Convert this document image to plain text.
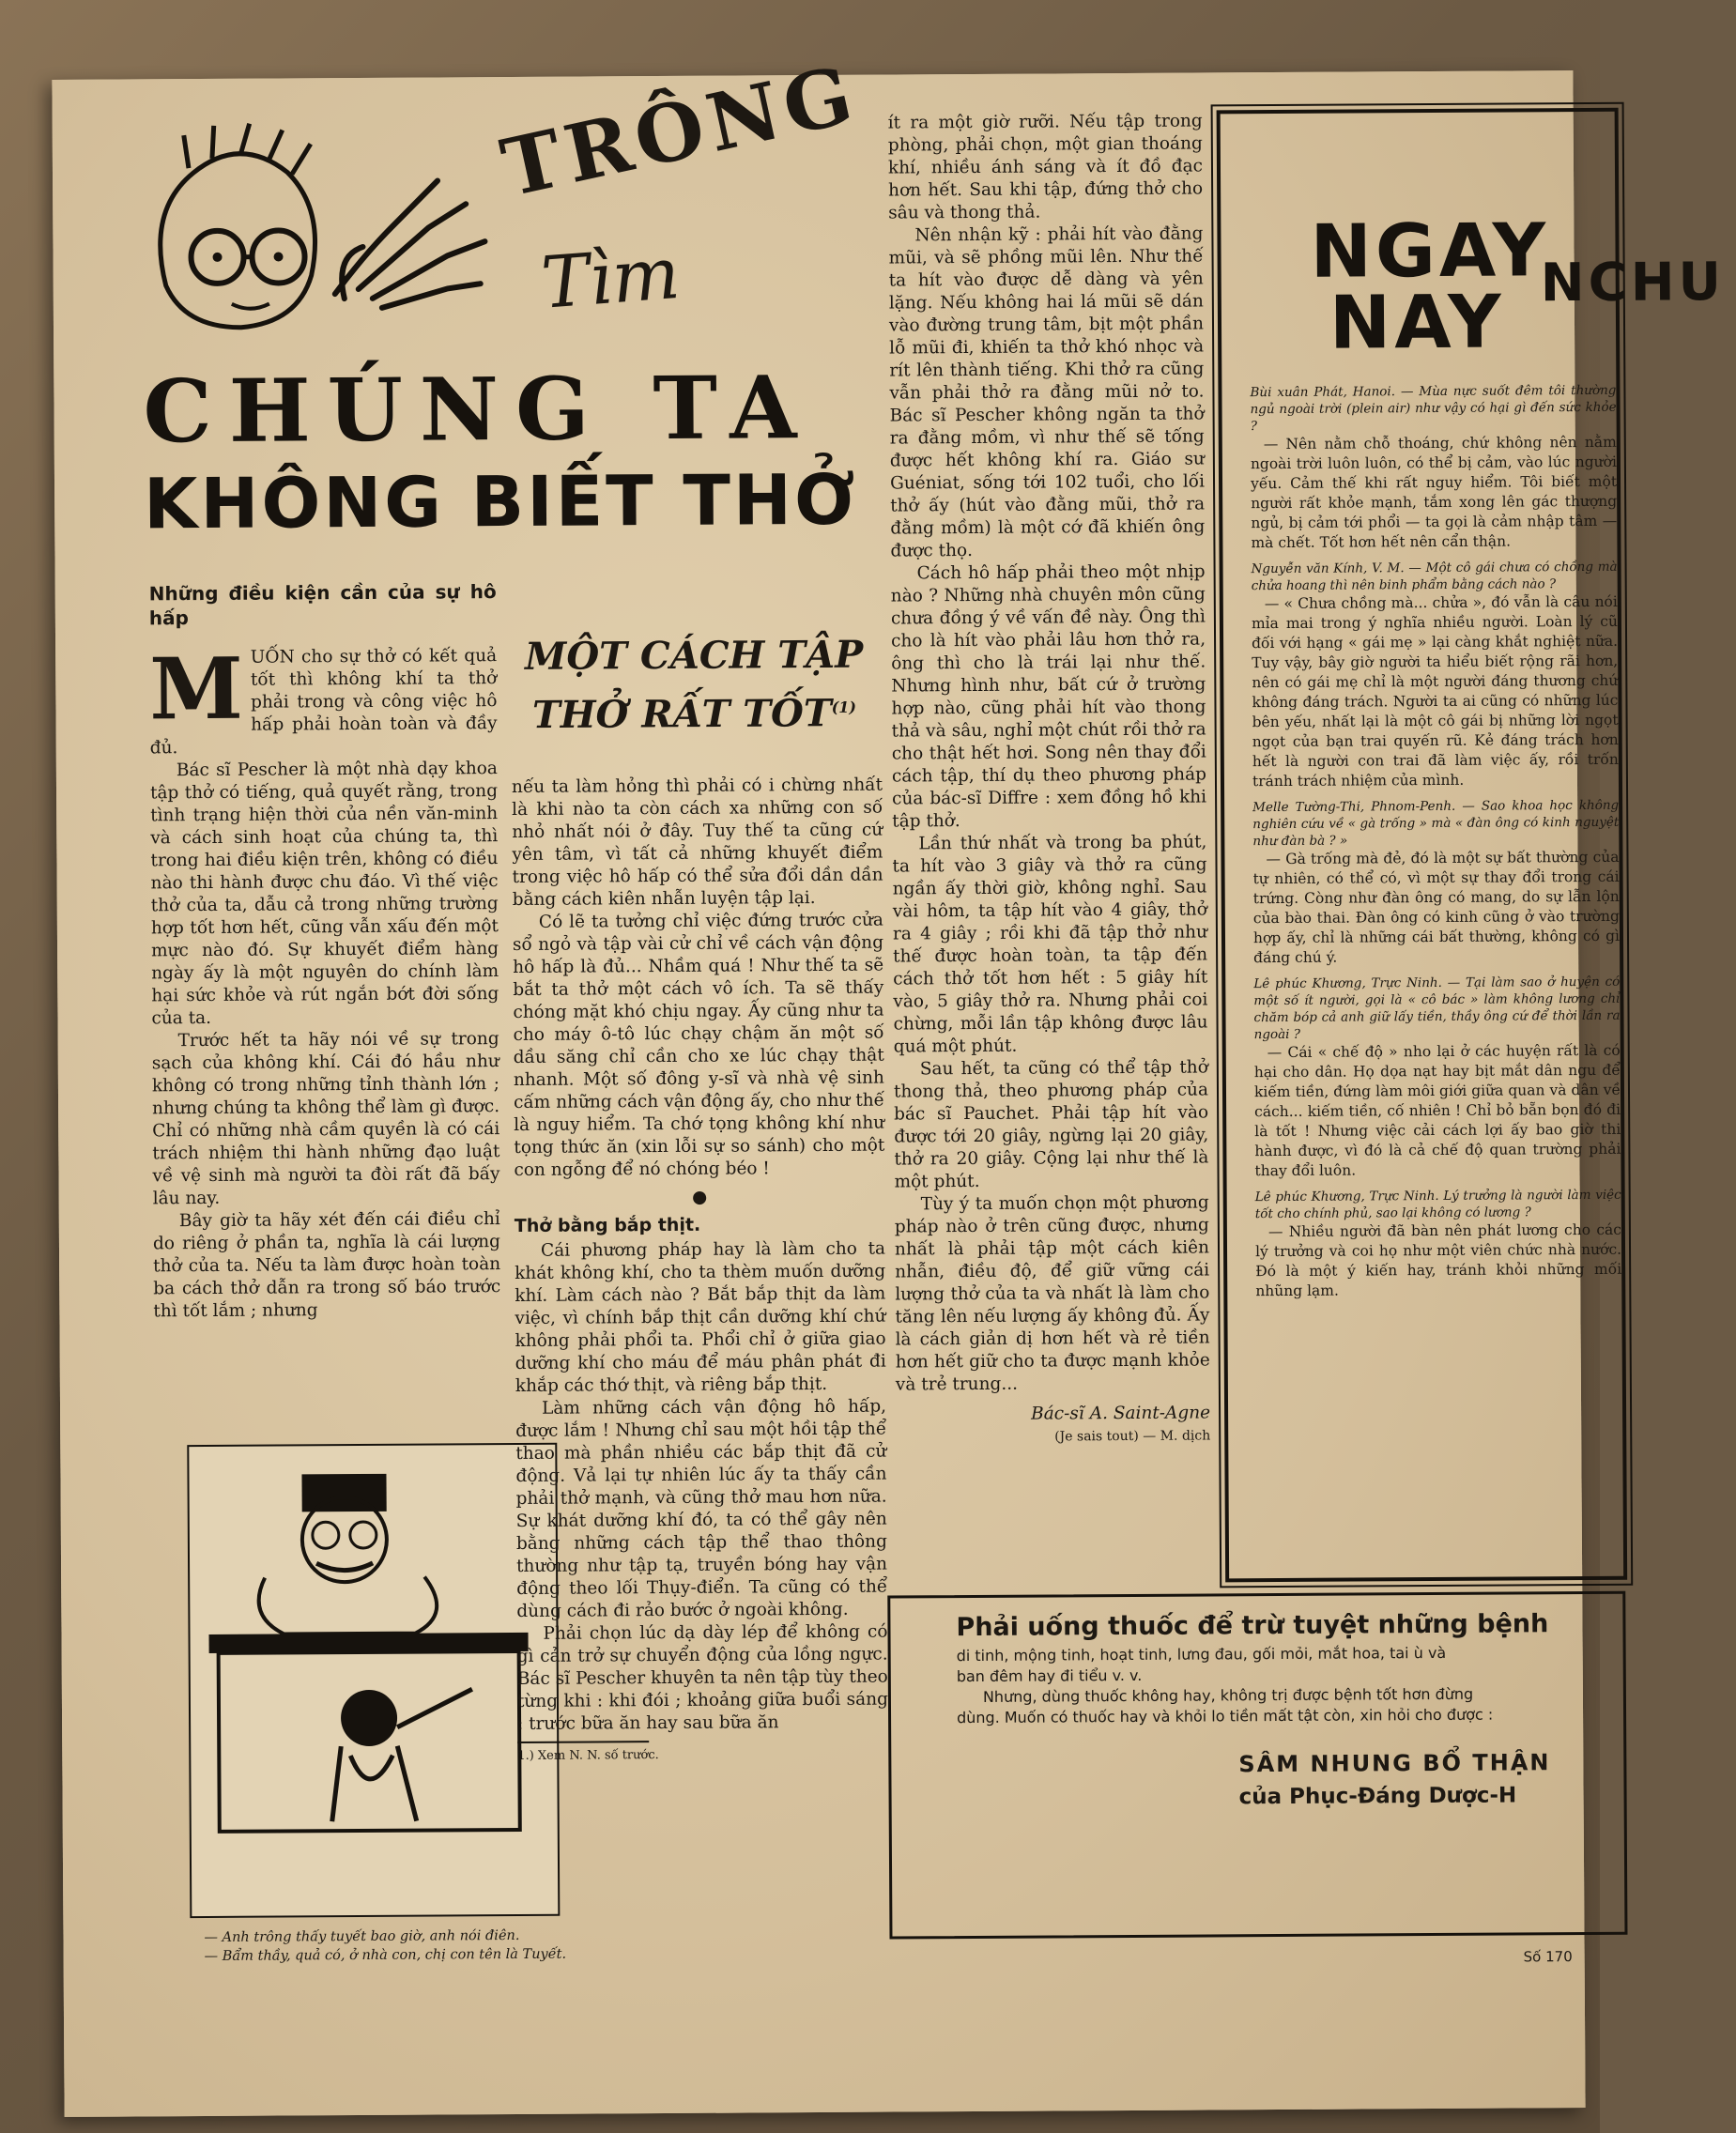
TRÔNG
Tìm
CHÚNG TA
KHÔNG BIẾT THỞ
Những điều kiện cần của sự hô hấp

MUỐN cho sự thở có kết quả tốt thì không khí ta thở phải trong và công việc hô hấp phải hoàn toàn và đầy đủ.

Bác sĩ Pescher là một nhà dạy khoa tập thở có tiếng, quả quyết rằng, trong tình trạng hiện thời của nền văn-minh và cách sinh hoạt của chúng ta, thì trong hai điều kiện trên, không có điều nào thi hành được chu đáo. Vì thế việc thở của ta, dẫu cả trong những trường hợp tốt hơn hết, cũng vẫn xấu đến một mực nào đó. Sự khuyết điểm hàng ngày ấy là một nguyên do chính làm hại sức khỏe và rút ngắn bớt đời sống của ta.

Trước hết ta hãy nói về sự trong sạch của không khí. Cái đó hầu như không có trong những tỉnh thành lớn ; nhưng chúng ta không thể làm gì được. Chỉ có những nhà cầm quyền là có cái trách nhiệm thi hành những đạo luật về vệ sinh mà người ta đòi rất đã bấy lâu nay.

Bây giờ ta hãy xét đến cái điều chỉ do riêng ở phần ta, nghĩa là cái lượng thở của ta. Nếu ta làm được hoàn toàn ba cách thở dẫn ra trong số báo trước thì tốt lắm ; nhưng

— Anh trông thấy tuyết bao giờ, anh nói điên.

— Bẩm thầy, quả có, ở nhà con, chị con tên là Tuyết.

MỘT CÁCH TẬP
THỞ RẤT TỐT$^{(1)}$

nếu ta làm hỏng thì phải có i chừng nhất là khi nào ta còn cách xa những con số nhỏ nhất nói ở đây. Tuy thế ta cũng cứ yên tâm, vì tất cả những khuyết điểm trong việc hô hấp có thể sửa đổi dần dần bằng cách kiên nhẫn luyện tập lại.

Có lẽ ta tưởng chỉ việc đứng trước cửa sổ ngỏ và tập vài cử chỉ về cách vận động hô hấp là đủ... Nhầm quá ! Như thế ta sẽ bắt ta thở một cách vô ích. Ta sẽ thấy chóng mặt khó chịu ngay. Ấy cũng như ta cho máy ô-tô lúc chạy chậm ăn một số dầu săng chỉ cần cho xe lúc chạy thật nhanh. Một số đông y-sĩ và nhà vệ sinh cấm những cách vận động ấy, cho như thế là nguy hiểm. Ta chớ tọng không khí như tọng thức ăn (xin lỗi sự so sánh) cho một con ngỗng để nó chóng béo !

●
Thở bằng bắp thịt.

Cái phương pháp hay là làm cho ta khát không khí, cho ta thèm muốn dưỡng khí. Làm cách nào ? Bắt bắp thịt da làm việc, vì chính bắp thịt cần dưỡng khí chứ không phải phổi ta. Phổi chỉ ở giữa giao dưỡng khí cho máu để máu phân phát đi khắp các thớ thịt, và riêng bắp thịt.

Làm những cách vận động hô hấp, được lắm ! Nhưng chỉ sau một hồi tập thể thao mà phần nhiều các bắp thịt đã cử động. Vả lại tự nhiên lúc ấy ta thấy cần phải thở mạnh, và cũng thở mau hơn nữa. Sự khát dưỡng khí đó, ta có thể gây nên bằng những cách tập thể thao thông thường như tập tạ, truyền bóng hay vận động theo lối Thụy-điển. Ta cũng có thể dùng cách đi rảo bước ở ngoài không.

Phải chọn lúc dạ dày lép để không có gì cản trở sự chuyển động của lồng ngực. Bác sĩ Pescher khuyên ta nên tập tùy theo từng khi : khi đói ; khoảng giữa buổi sáng : trước bữa ăn hay sau bữa ăn

1.) Xem N. N. số trước.

ít ra một giờ rưỡi. Nếu tập trong phòng, phải chọn, một gian thoáng khí, nhiều ánh sáng và ít đồ đạc hơn hết. Sau khi tập, đứng thở cho sâu và thong thả.

Nên nhận kỹ : phải hít vào đằng mũi, và sẽ phồng mũi lên. Như thế ta hít vào được dễ dàng và yên lặng. Nếu không hai lá mũi sẽ dán vào đường trung tâm, bịt một phần lỗ mũi đi, khiến ta thở khó nhọc và rít lên thành tiếng. Khi thở ra cũng vẫn phải thở ra đằng mũi nở to. Bác sĩ Pescher không ngăn ta thở ra đằng mồm, vì như thế sẽ tống được hết không khí ra. Giáo sư Guéniat, sống tới 102 tuổi, cho lối thở ấy (hút vào đằng mũi, thở ra đằng mồm) là một cớ đã khiến ông được thọ.

Cách hô hấp phải theo một nhịp nào ? Những nhà chuyên môn cũng chưa đồng ý về vấn đề này. Ông thì cho là hít vào phải lâu hơn thở ra, ông thì cho là trái lại như thế. Nhưng hình như, bất cứ ở trường hợp nào, cũng phải hít vào thong thả và sâu, nghỉ một chút rồi thở ra cho thật hết hơi. Song nên thay đổi cách tập, thí dụ theo phương pháp của bác-sĩ Diffre : xem đồng hồ khi tập thở.

Lần thứ nhất và trong ba phút, ta hít vào 3 giây và thở ra cũng ngần ấy thời giờ, không nghỉ. Sau vài hôm, ta tập hít vào 4 giây, thở ra 4 giây ; rồi khi đã tập thở như thế được hoàn toàn, ta tập đến cách thở tốt hơn hết : 5 giây hít vào, 5 giây thở ra. Nhưng phải coi chừng, mỗi lần tập không được lâu quá một phút.

Sau hết, ta cũng có thể tập thở thong thả, theo phương pháp của bác sĩ Pauchet. Phải tập hít vào được tới 20 giây, ngừng lại 20 giây, thở ra 20 giây. Cộng lại như thế là một phút.

Tùy ý ta muốn chọn một phương pháp nào ở trên cũng được, nhưng nhất là phải tập một cách kiên nhẫn, điều độ, để giữ vững cái lượng thở của ta và nhất là làm cho tăng lên nếu lượng ấy không đủ. Ấy là cách giản dị hơn hết và rẻ tiền hơn hết giữ cho ta được mạnh khỏe và trẻ trung...

Bác-sĩ A. Saint-Agne
(Je sais tout) — M. dịch
NGAY
NAY NCHU
Bùi xuân Phát, Hanoi. — Mùa nực suốt đêm tôi thường ngủ ngoài trời (plein air) như vậy có hại gì đến sức khỏe ?

— Nên nằm chỗ thoáng, chứ không nên nằm ngoài trời luôn luôn, có thể bị cảm, vào lúc người yếu. Cảm thế khi rất nguy hiểm. Tôi biết một người rất khỏe mạnh, tắm xong lên gác thượng ngủ, bị cảm tới phổi — ta gọi là cảm nhập tâm — mà chết. Tốt hơn hết nên cẩn thận.

Nguyễn văn Kính, V. M. — Một cô gái chưa có chồng mà chửa hoang thì nên binh phẩm bằng cách nào ?

— « Chưa chồng mà... chửa », đó vẫn là câu nói mỉa mai trong ý nghĩa nhiều người. Loàn lý cũ đối với hạng « gái mẹ » lại càng khắt nghiệt nữa. Tuy vậy, bây giờ người ta hiểu biết rộng rãi hơn, nên có gái mẹ chỉ là một người đáng thương chứ không đáng trách. Người ta ai cũng có những lúc bên yếu, nhất lại là một cô gái bị những lời ngọt ngọt của bạn trai quyến rũ. Kẻ đáng trách hơn hết là người con trai đã làm việc ấy, rồi trốn tránh trách nhiệm của mình.

Melle Tường-Thi, Phnom-Penh. — Sao khoa học không nghiên cứu về « gà trống » mà « đàn ông có kinh nguyệt như đàn bà ? »

— Gà trống mà đẻ, đó là một sự bất thường của tự nhiên, có thể có, vì một sự thay đổi trong cái trứng. Còng như đàn ông có mang, do sự lẫn lộn của bào thai. Đàn ông có kinh cũng ở vào trường hợp ấy, chỉ là những cái bất thường, không có gì đáng chú ý.

Lê phúc Khương, Trực Ninh. — Tại làm sao ở huyện có một số ít người, gọi là « cô bác » làm không lương chỉ chăm bóp cả anh giữ lấy tiền, thầy ông cứ để thời lần ra ngoài ?

— Cái « chế độ » nho lại ở các huyện rất là có hại cho dân. Họ dọa nạt hay bịt mắt dân ngu để kiếm tiền, đứng làm môi giới giữa quan và dân về cách... kiếm tiền, cố nhiên ! Chỉ bỏ bẵn bọn đó đi là tốt ! Nhưng việc cải cách lợi ấy bao giờ thi hành được, vì đó là cả chế độ quan trường phải thay đổi luôn.

Lê phúc Khương, Trực Ninh. Lý trưởng là người làm việc tốt cho chính phủ, sao lại không có lương ?

— Nhiều người đã bàn nên phát lương cho các lý trưởng và coi họ như một viên chức nhà nước. Đó là một ý kiến hay, tránh khỏi những mối nhũng lạm.

Phải uống thuốc để trừ tuyệt những bệnh
di tinh, mộng tinh, hoạt tinh, lưng đau, gối mỏi, mắt hoa, tai ù và
ban đêm hay đi tiểu v. v.
Nhưng, dùng thuốc không hay, không trị được bệnh tốt hơn đừng
dùng. Muốn có thuốc hay và khỏi lo tiền mất tật còn, xin hỏi cho được :
SÂM NHUNG BỔ THẬN
của Phục-Đáng Dược-H
Số 170
